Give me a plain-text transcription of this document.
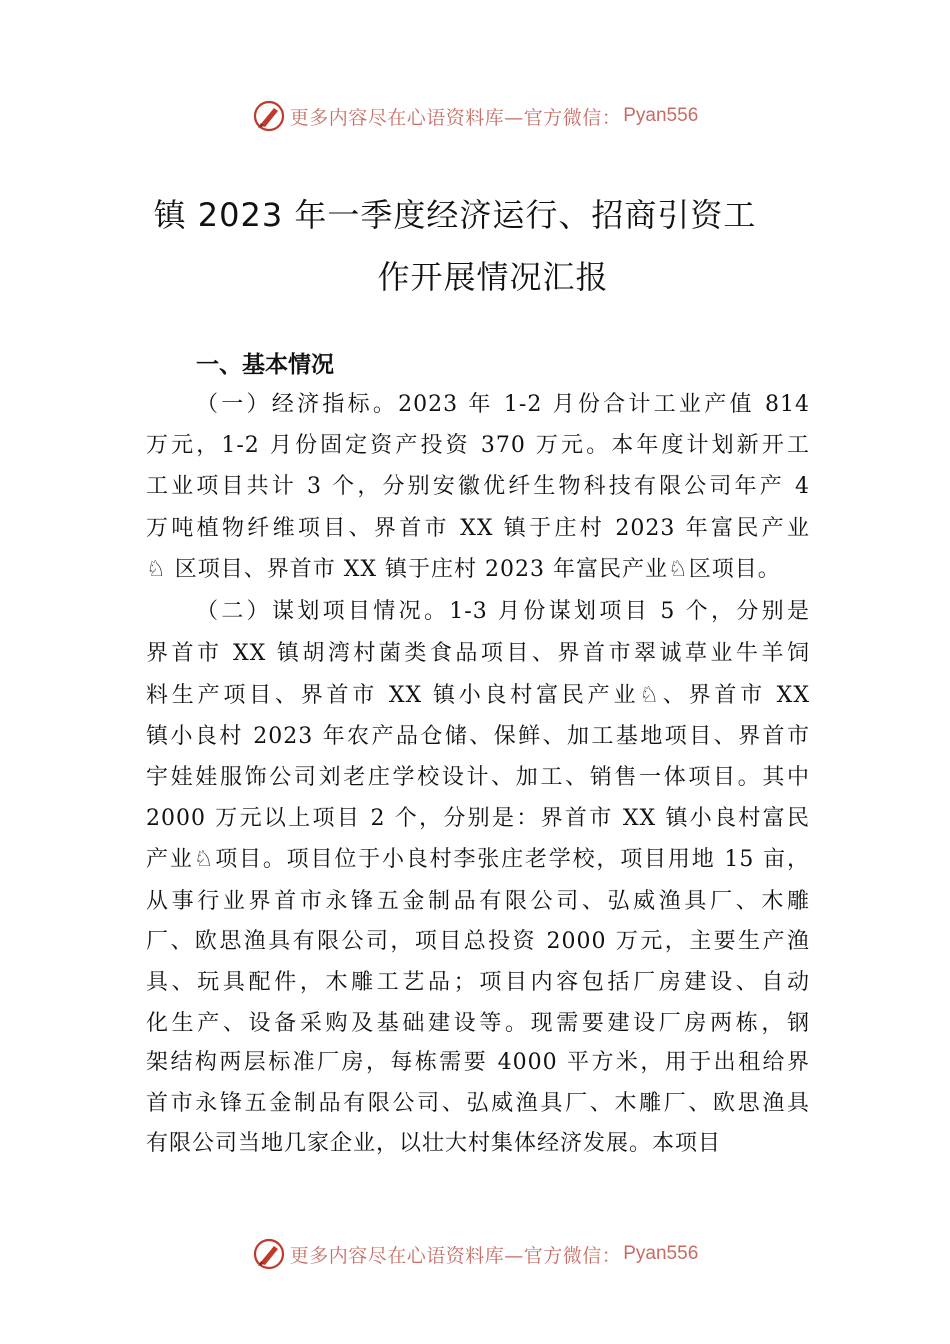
更多内容尽在心语资料库—官方微信： Pyan556
镇 2023 年一季度经济运行、招商引资工
作开展情况汇报
一、基本情况
（一）经济指标。2023 年 1-2 月份合计工业产值 814
万元，1-2 月份固定资产投资 370 万元。本年度计划新开工
工业项目共计 3 个，分别安徽优纤生物科技有限公司年产 4
万吨植物纤维项目、界首市 XX 镇于庄村 2023 年富民产业
♘ 区项目、界首市 XX 镇于庄村 2023 年富民产业♘区项目。
（二）谋划项目情况。1-3 月份谋划项目 5 个，分别是
界首市 XX 镇胡湾村菌类食品项目、界首市翠诚草业牛羊饲
料生产项目、界首市 XX 镇小良村富民产业♘、界首市 XX
镇小良村 2023 年农产品仓储、保鲜、加工基地项目、界首市
宇娃娃服饰公司刘老庄学校设计、加工、销售一体项目。其中
2000 万元以上项目 2 个，分别是：界首市 XX 镇小良村富民
产业♘项目。项目位于小良村李张庄老学校，项目用地 15 亩，
从事行业界首市永锋五金制品有限公司、弘威渔具厂、木雕
厂、欧思渔具有限公司，项目总投资 2000 万元，主要生产渔
具、玩具配件，木雕工艺品；项目内容包括厂房建设、自动
化生产、设备采购及基础建设等。现需要建设厂房两栋，钢
架结构两层标准厂房，每栋需要 4000 平方米，用于出租给界
首市永锋五金制品有限公司、弘威渔具厂、木雕厂、欧思渔具
有限公司当地几家企业，以壮大村集体经济发展。本项目
更多内容尽在心语资料库—官方微信： Pyan556
